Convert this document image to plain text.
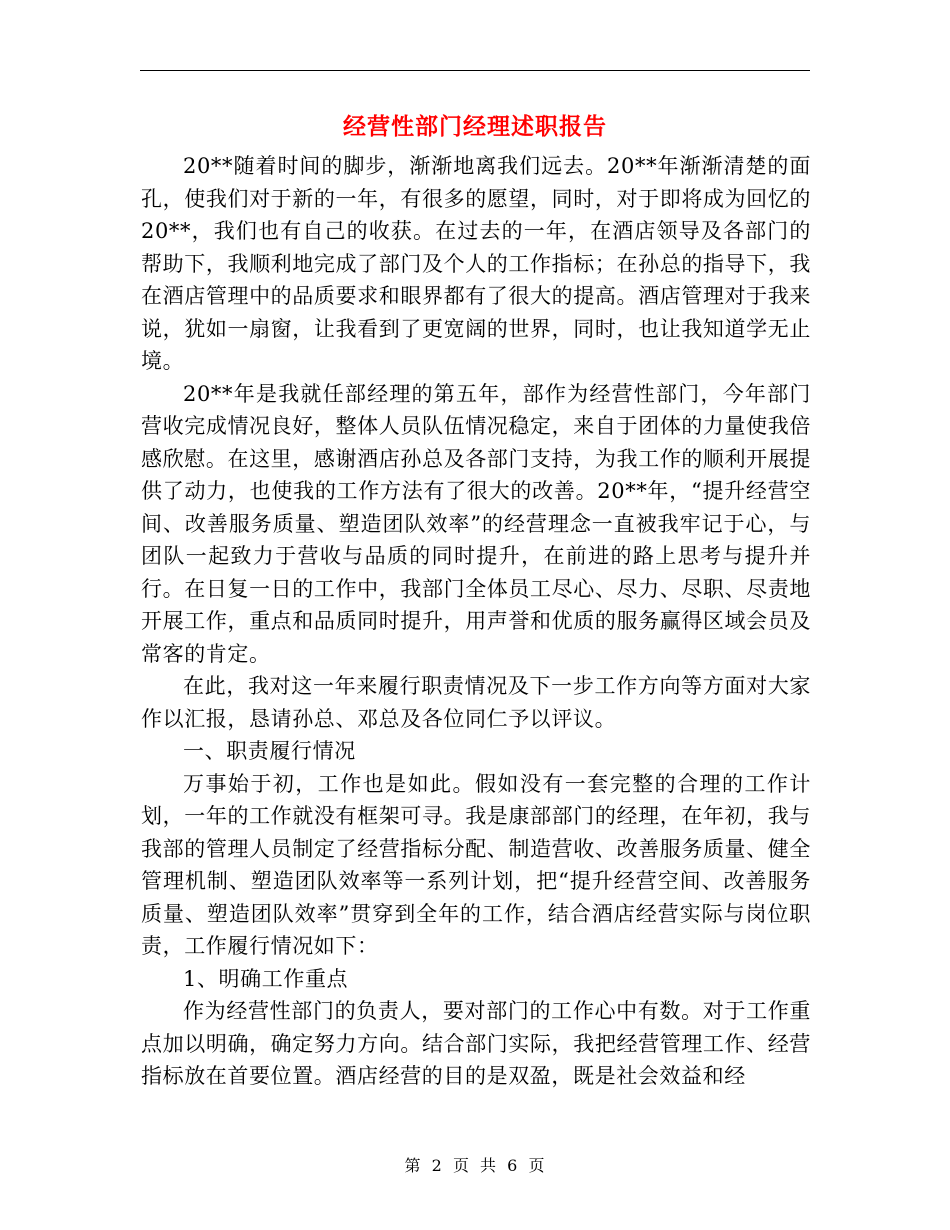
经营性部门经理述职报告

20**随着时间的脚步，渐渐地离我们远去。20**年渐渐清楚的面孔，使我们对于新的一年，有很多的愿望，同时，对于即将成为回忆的20**，我们也有自己的收获。在过去的一年，在酒店领导及各部门的帮助下，我顺利地完成了部门及个人的工作指标；在孙总的指导下，我在酒店管理中的品质要求和眼界都有了很大的提高。酒店管理对于我来说，犹如一扇窗，让我看到了更宽阔的世界，同时，也让我知道学无止境。

20**年是我就任部经理的第五年，部作为经营性部门，今年部门营收完成情况良好，整体人员队伍情况稳定，来自于团体的力量使我倍感欣慰。在这里，感谢酒店孙总及各部门支持，为我工作的顺利开展提供了动力，也使我的工作方法有了很大的改善。20**年，“提升经营空间、改善服务质量、塑造团队效率”的经营理念一直被我牢记于心，与团队一起致力于营收与品质的同时提升，在前进的路上思考与提升并行。在日复一日的工作中，我部门全体员工尽心、尽力、尽职、尽责地开展工作，重点和品质同时提升，用声誉和优质的服务赢得区域会员及常客的肯定。

在此，我对这一年来履行职责情况及下一步工作方向等方面对大家作以汇报，恳请孙总、邓总及各位同仁予以评议。

一、职责履行情况

万事始于初，工作也是如此。假如没有一套完整的合理的工作计划，一年的工作就没有框架可寻。我是康部部门的经理，在年初，我与我部的管理人员制定了经营指标分配、制造营收、改善服务质量、健全管理机制、塑造团队效率等一系列计划，把“提升经营空间、改善服务质量、塑造团队效率”贯穿到全年的工作，结合酒店经营实际与岗位职责，工作履行情况如下：

1、明确工作重点

作为经营性部门的负责人，要对部门的工作心中有数。对于工作重点加以明确，确定努力方向。结合部门实际，我把经营管理工作、经营指标放在首要位置。酒店经营的目的是双盈，既是社会效益和经

第 2 页 共 6 页
